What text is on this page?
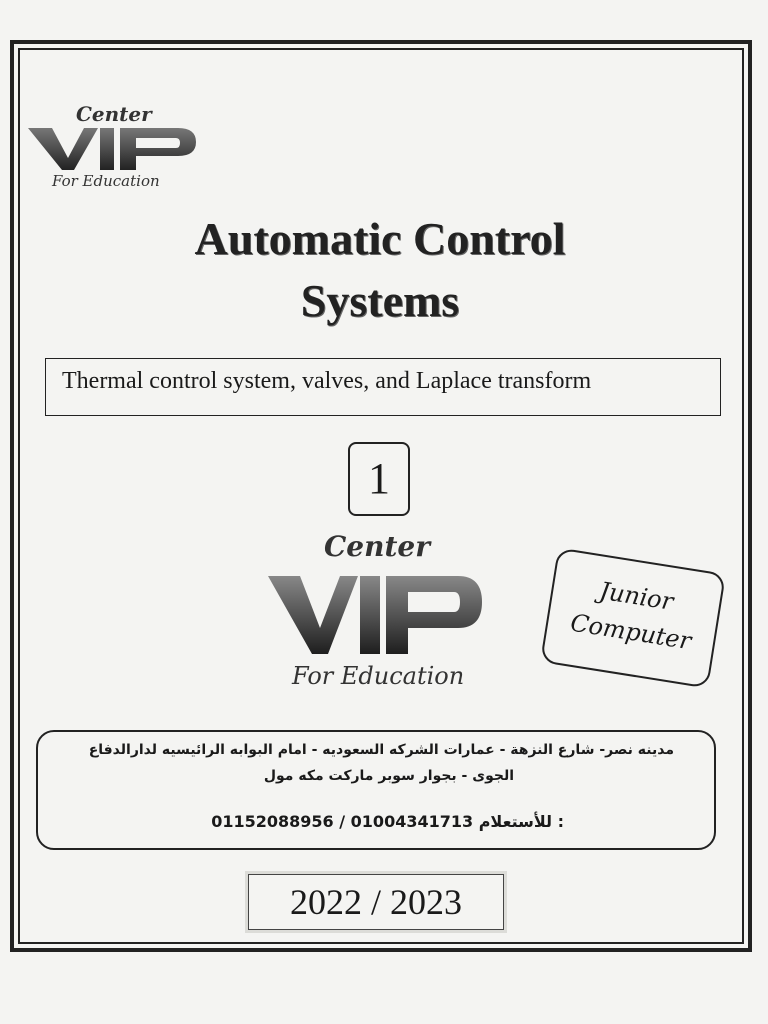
Center
For Education
Automatic Control
Systems
Thermal control system, valves, and Laplace transform
1
Center
For Education
Junior
Computer
مدينه نصر- شارع النزهة - عمارات الشركه السعوديه - امام البوابه الرائيسيه لدارالدفاع
الجوى - بجوار سوبر ماركت مكه مول
01152088956 / 01004341713 للأستعلام :
2022 / 2023
